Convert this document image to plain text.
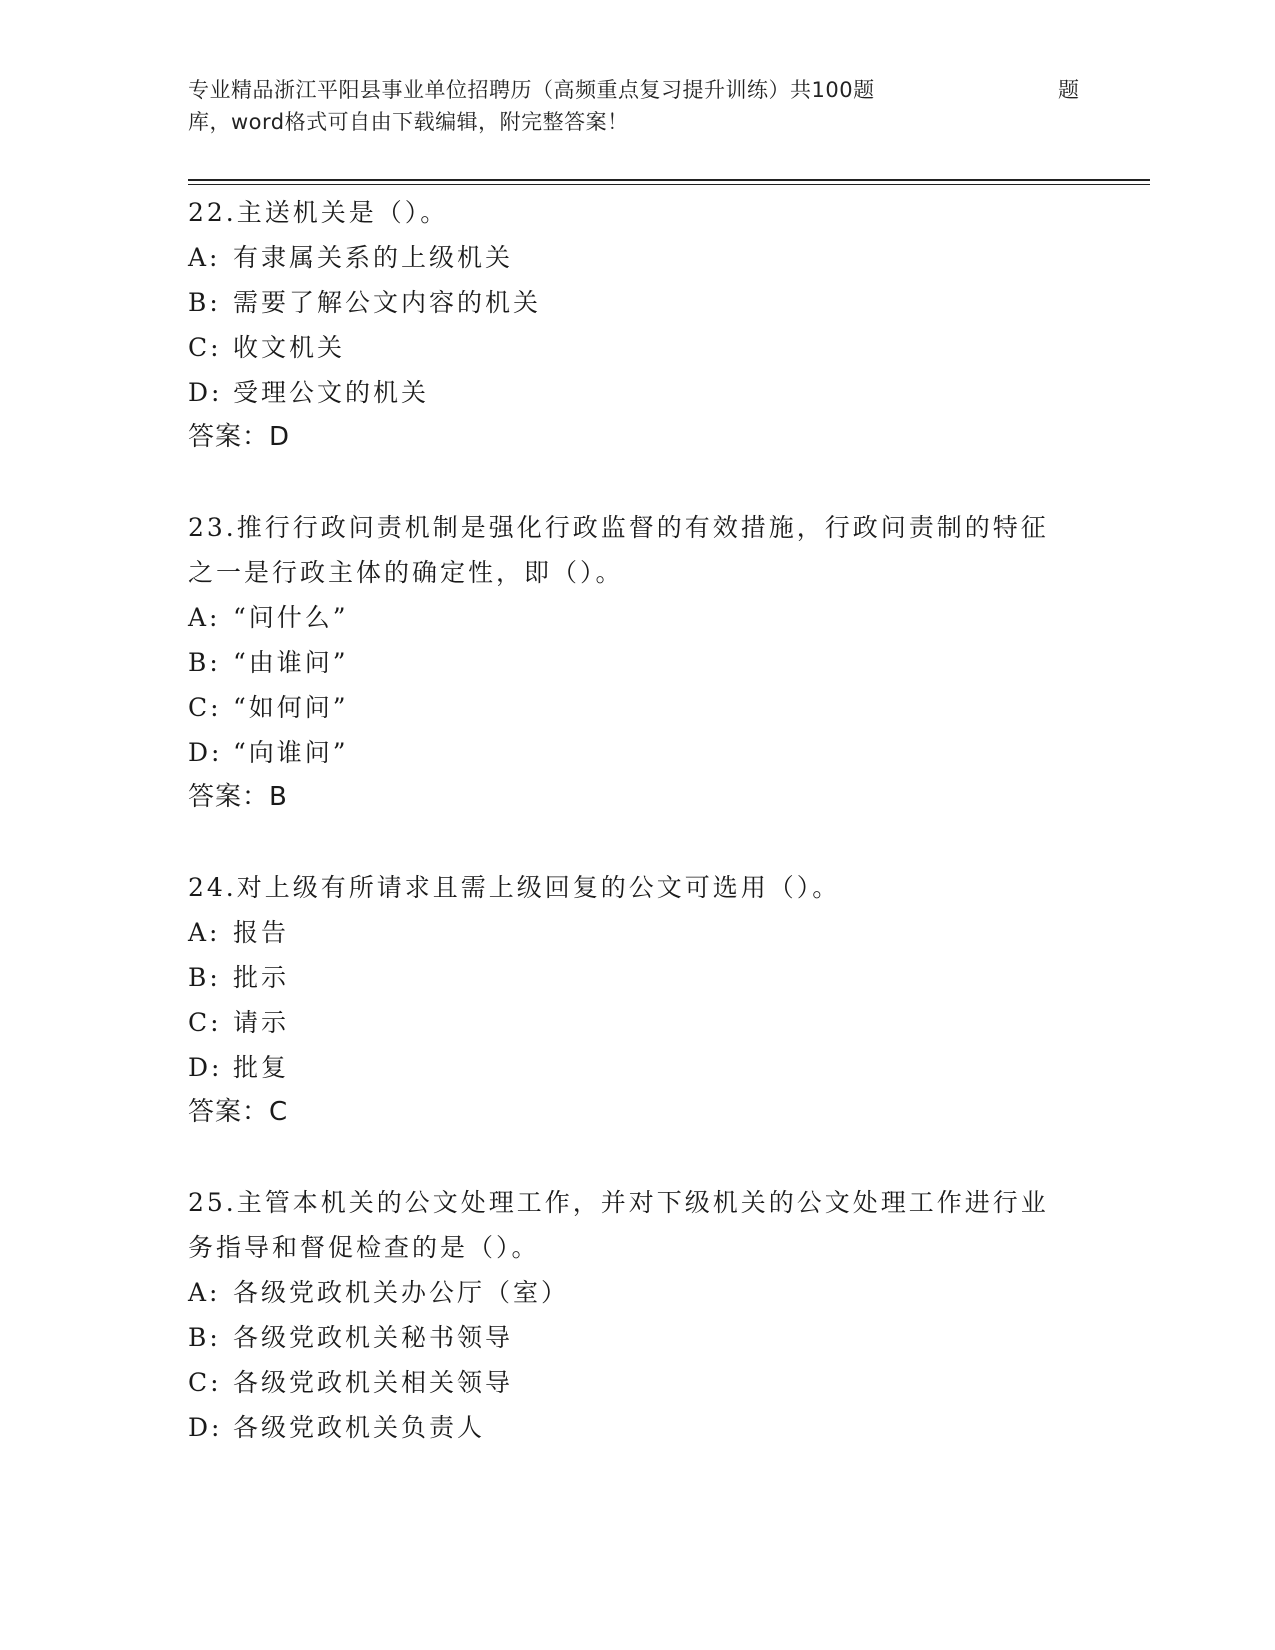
专业精品浙江平阳县事业单位招聘历（高频重点复习提升训练）共100题	题
库，word格式可自由下载编辑，附完整答案！
22.主送机关是（）。
A: 有隶属关系的上级机关
B: 需要了解公文内容的机关
C: 收文机关
D: 受理公文的机关
答案：D
23.推行行政问责机制是强化行政监督的有效措施，行政问责制的特征
之一是行政主体的确定性，即（）。
A: “问什么”
B: “由谁问”
C: “如何问”
D: “向谁问”
答案：B
24.对上级有所请求且需上级回复的公文可选用（）。
A: 报告
B: 批示
C: 请示
D: 批复
答案：C
25.主管本机关的公文处理工作，并对下级机关的公文处理工作进行业
务指导和督促检查的是（）。
A: 各级党政机关办公厅（室）
B: 各级党政机关秘书领导
C: 各级党政机关相关领导
D: 各级党政机关负责人
